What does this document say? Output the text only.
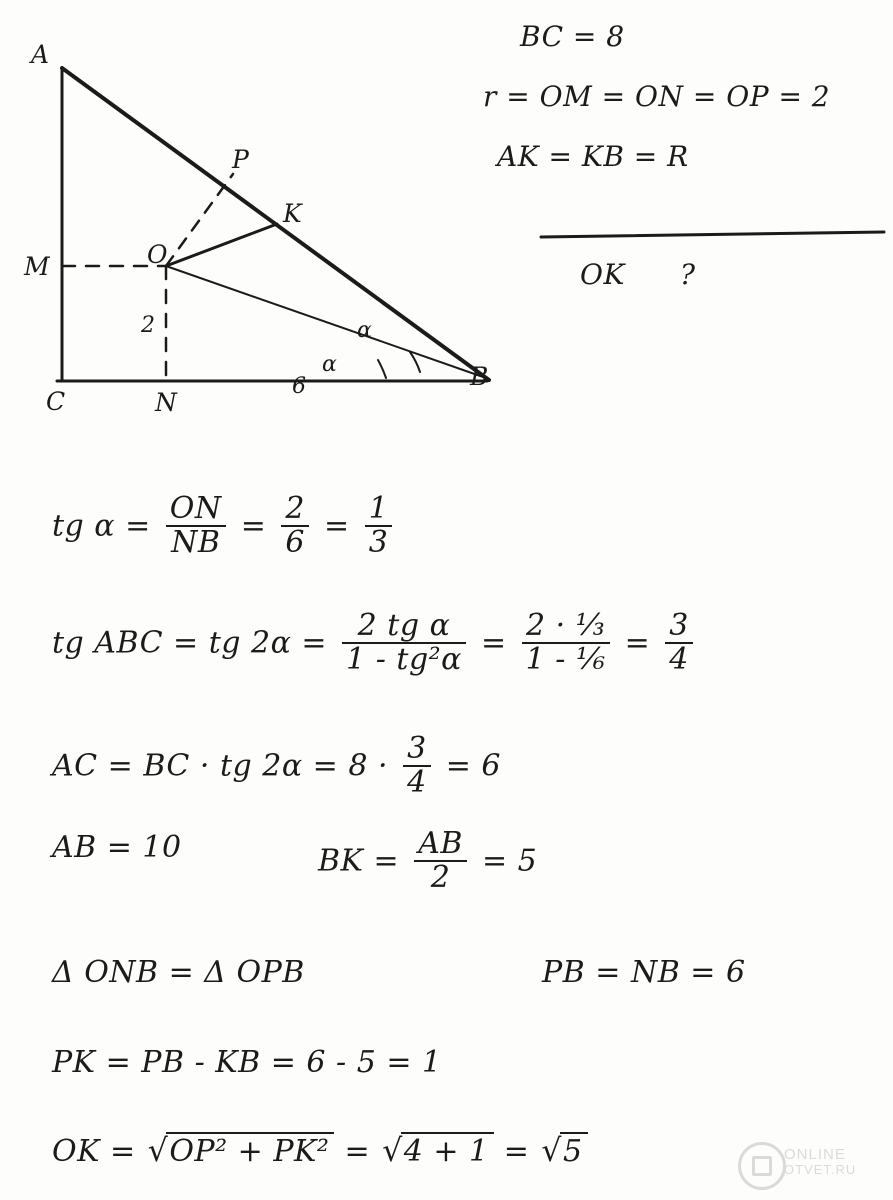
A
B
C
M
N
O
P
K
2
6
α
α
BC = 8
r = OM = ON = OP = 2
AK = KB = R
OK ?
tg $\alpha = \frac{ON}{NB} = \frac{2}{6} = \frac{1}{3}$
tg ABC = tg $2\alpha = \frac{\text{2 tg α}}{\text{1 - tg²α}} = \frac{\text{2 · ⅓}}{\text{1 - ⅙}} = \frac{3}{4}$
AC = BC · tg $2\alpha = 8 \cdot \frac{3}{4} = 6$
AB = 10	BK = $\frac{AB}{2} = 5$
Δ ONB = Δ OPB	PB = NB = 6
PK = PB - KB = 6 - 5 = 1
OK = √OP² + PK² = √4 + 1 = √5	ONLINE
OTVET.RU
